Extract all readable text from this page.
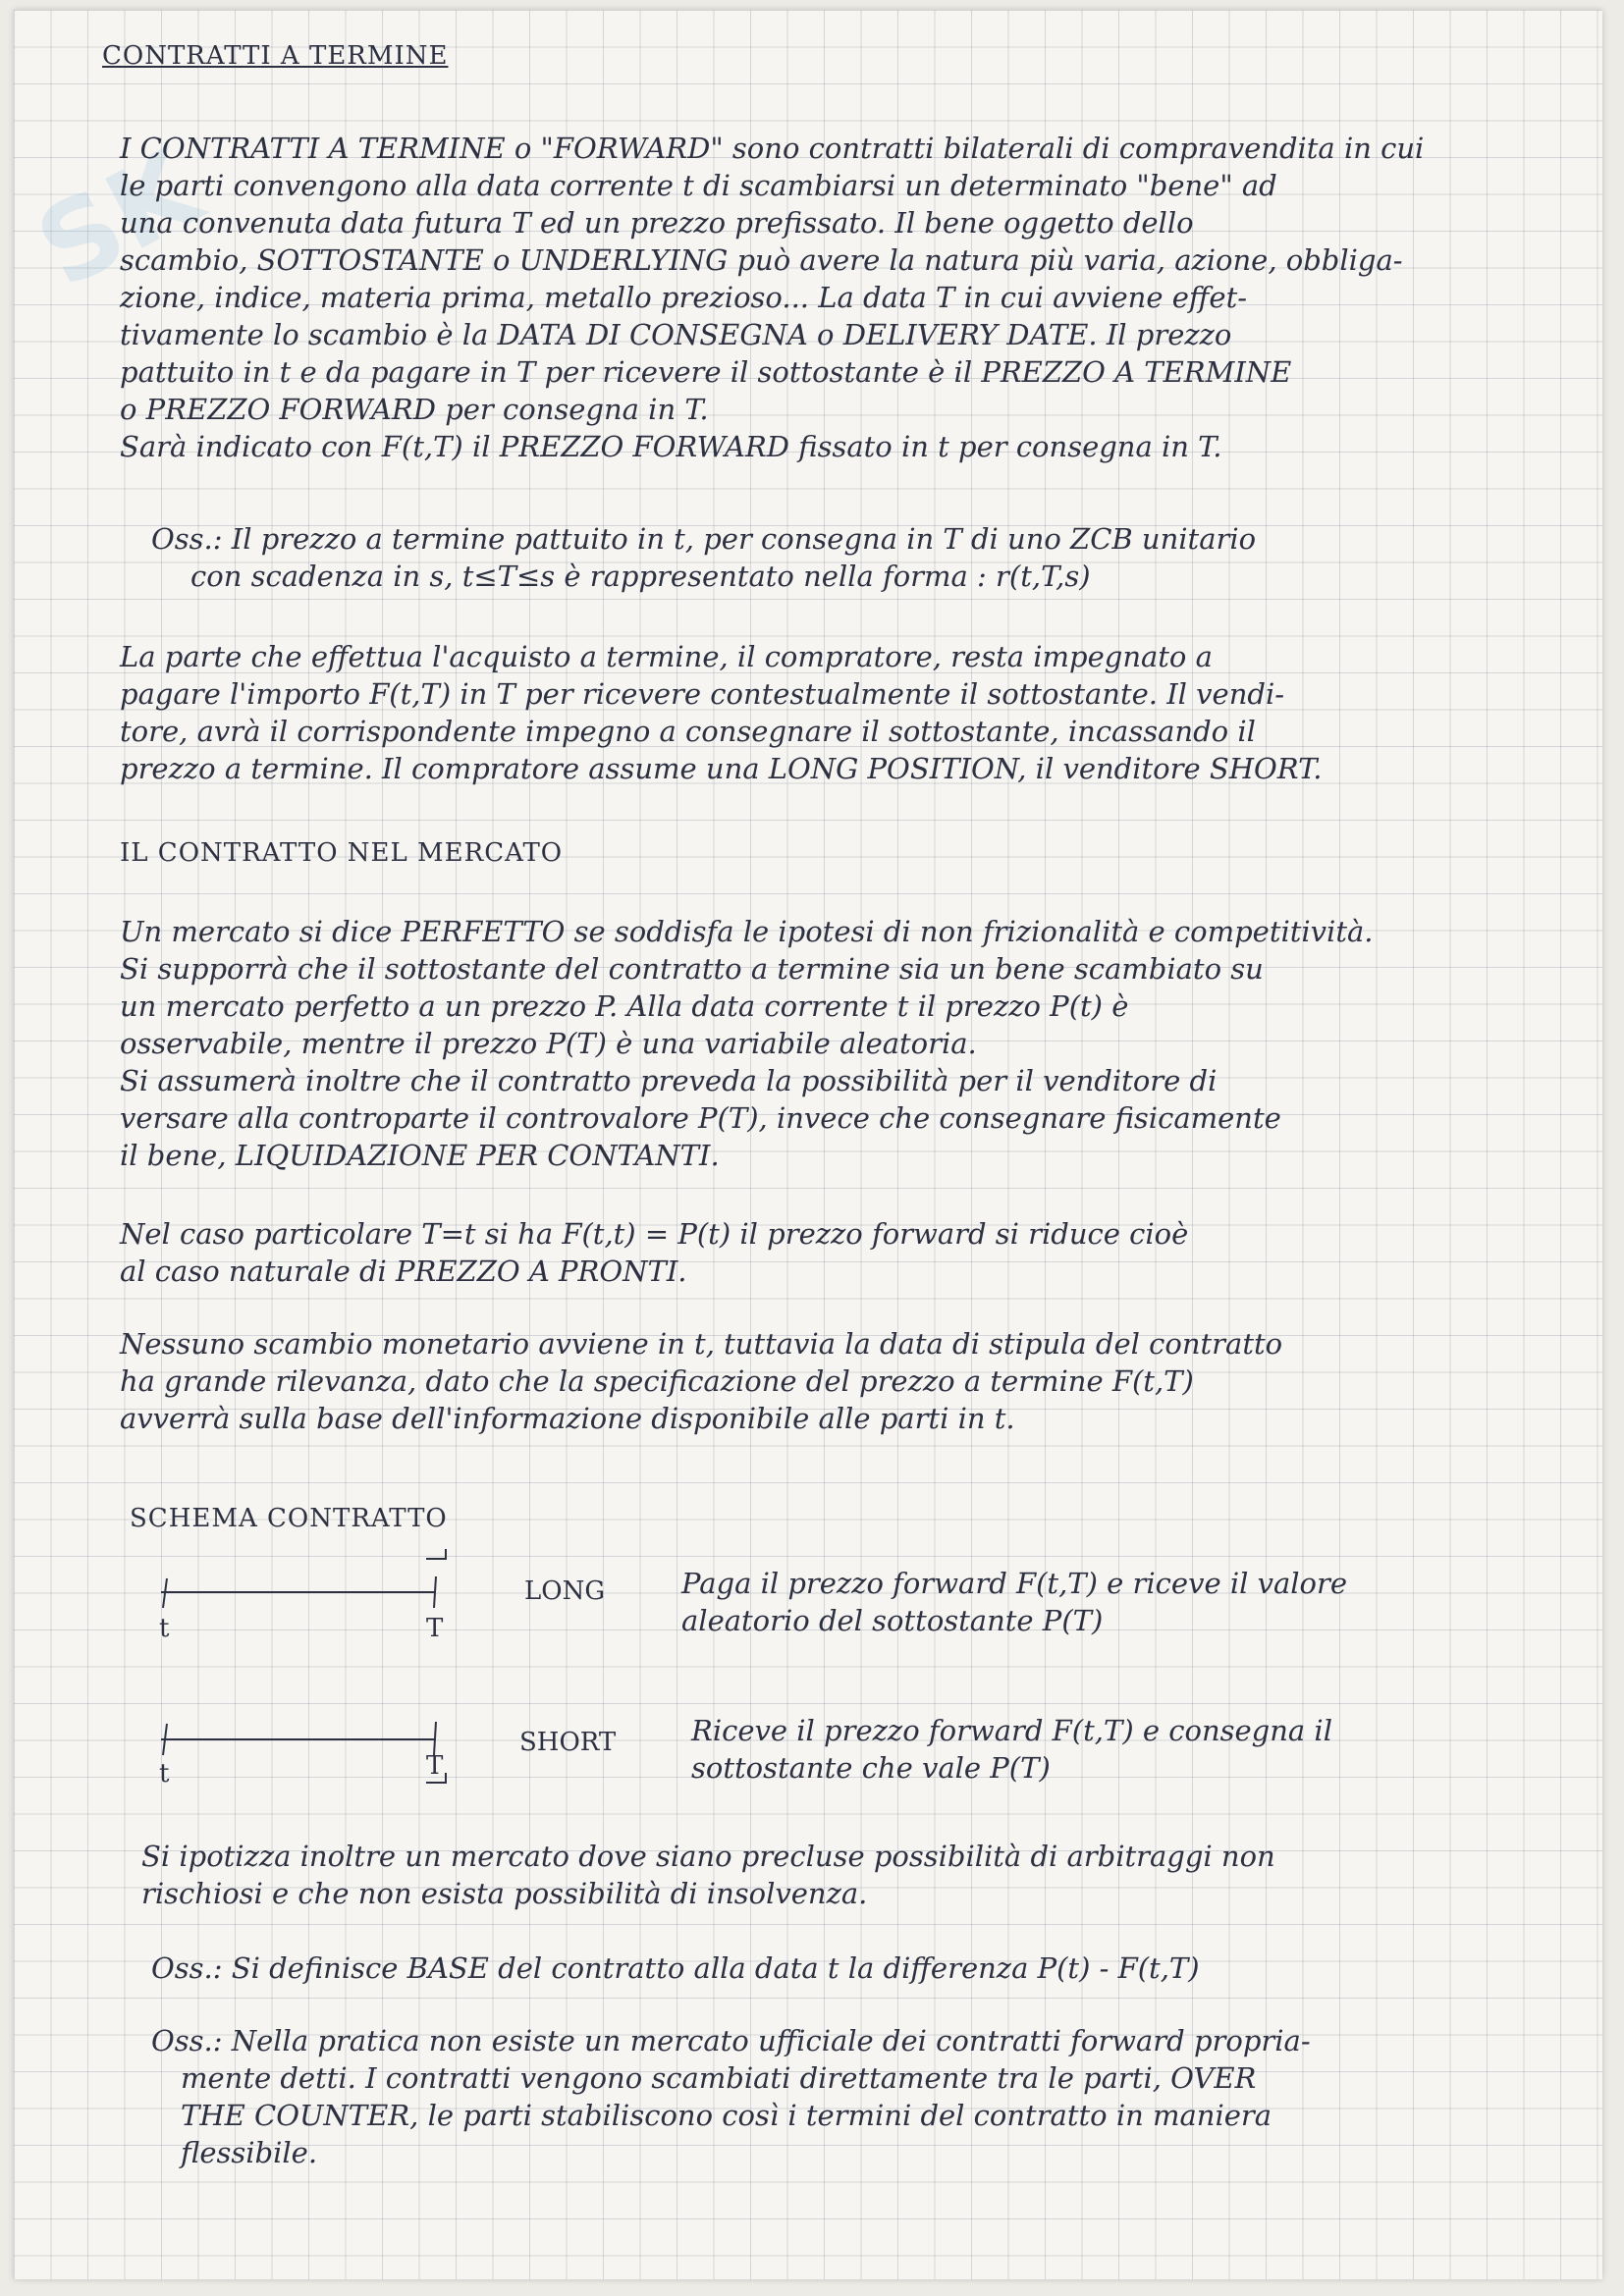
SK
CONTRATTI A TERMINE
I CONTRATTI A TERMINE o "FORWARD" sono contratti bilaterali di compravendita in cui
le parti convengono alla data corrente t di scambiarsi un determinato "bene" ad
una convenuta data futura T ed un prezzo prefissato. Il bene oggetto dello
scambio, SOTTOSTANTE o UNDERLYING può avere la natura più varia, azione, obbliga-
zione, indice, materia prima, metallo prezioso... La data T in cui avviene effet-
tivamente lo scambio è la DATA DI CONSEGNA o DELIVERY DATE. Il prezzo
pattuito in t e da pagare in T per ricevere il sottostante è il PREZZO A TERMINE
o PREZZO FORWARD per consegna in T.
Sarà indicato con F(t,T) il PREZZO FORWARD fissato in t per consegna in T.
Oss.: Il prezzo a termine pattuito in t, per consegna in T di uno ZCB unitario
con scadenza in s, t≤T≤s è rappresentato nella forma : r(t,T,s)
La parte che effettua l'acquisto a termine, il compratore, resta impegnato a
pagare l'importo F(t,T) in T per ricevere contestualmente il sottostante. Il vendi-
tore, avrà il corrispondente impegno a consegnare il sottostante, incassando il
prezzo a termine. Il compratore assume una LONG POSITION, il venditore SHORT.
IL CONTRATTO NEL MERCATO
Un mercato si dice PERFETTO se soddisfa le ipotesi di non frizionalità e competitività.
Si supporrà che il sottostante del contratto a termine sia un bene scambiato su
un mercato perfetto a un prezzo P. Alla data corrente t il prezzo P(t) è
osservabile, mentre il prezzo P(T) è una variabile aleatoria.
Si assumerà inoltre che il contratto preveda la possibilità per il venditore di
versare alla controparte il controvalore P(T), invece che consegnare fisicamente
il bene, LIQUIDAZIONE PER CONTANTI.
Nel caso particolare T=t si ha F(t,t) = P(t) il prezzo forward si riduce cioè
al caso naturale di PREZZO A PRONTI.
Nessuno scambio monetario avviene in t, tuttavia la data di stipula del contratto
ha grande rilevanza, dato che la specificazione del prezzo a termine F(t,T)
avverrà sulla base dell'informazione disponibile alle parti in t.
SCHEMA CONTRATTO
t	T
t	T
LONG	Paga il prezzo forward F(t,T) e riceve il valore
aleatorio del sottostante P(T)
SHORT	Riceve il prezzo forward F(t,T) e consegna il
sottostante che vale P(T)
Si ipotizza inoltre un mercato dove siano precluse possibilità di arbitraggi non
rischiosi e che non esista possibilità di insolvenza.
Oss.: Si definisce BASE del contratto alla data t la differenza P(t) - F(t,T)
Oss.: Nella pratica non esiste un mercato ufficiale dei contratti forward propria-
mente detti. I contratti vengono scambiati direttamente tra le parti, OVER
THE COUNTER, le parti stabiliscono così i termini del contratto in maniera
flessibile.
